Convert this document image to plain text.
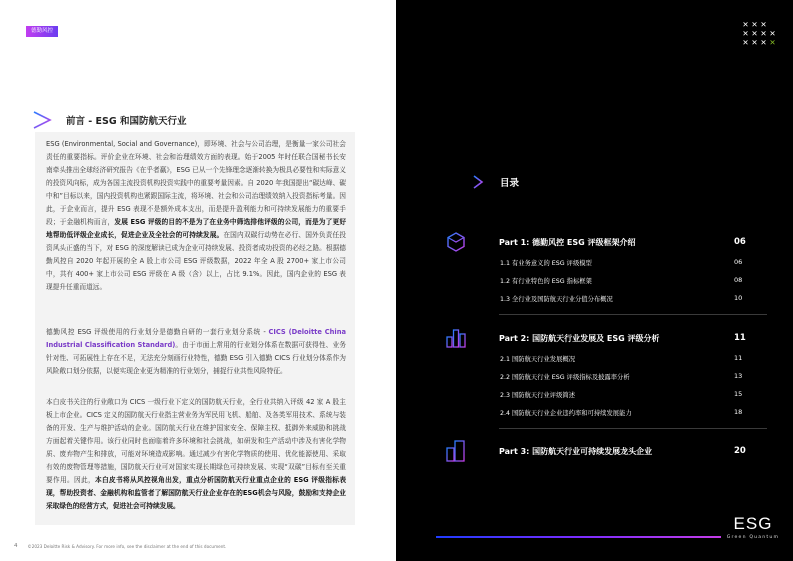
德勤风控
前言 - ESG 和国防航天行业
ESG (Environmental, Social and Governance)，即环境、社会与公司治理，是衡量一家公司社会责任的重要指标。评价企业在环境、社会和治理绩效方面的表现。始于2005 年时任联合国秘书长安南牵头推出全球经济研究报告《在乎者赢》，ESG 已从一个先锋理念逐渐转换为极具必要性和实际意义的投资风向标，成为各国主流投资机构投资实践中的重要考量因素。自 2020 年我国提出“碳达峰、碳中和”目标以来，国内投资机构也紧跟国际主流，将环境、社会和公司治理绩效纳入投资指标考量。因此，于企业而言，提升 ESG 表现不是额外成本支出，而是提升盈利能力和可持续发展能力的重要手段；于金融机构而言，发展 ESG 评级的目的不是为了在业务中筛选排他评级的公司，而是为了更好地帮助低评级企业成长，促进企业及全社会的可持续发展。在国内双碳行动势在必行、国外负责任投资风头正盛的当下，对 ESG 的深度解读已成为企业可持续发展、投资者成功投资的必经之路。根据德勤风控自 2020 年起开展的全 A 股上市公司 ESG 评级数据，2022 年全 A 股 2700+ 家上市公司中，共有 400+ 家上市公司 ESG 评级在 A 级（含）以上，占比 9.1%。因此，国内企业的 ESG 表现提升任重而道远。
德勤风控 ESG 评级使用的行业划分是德勤自研的一套行业划分系统 - CICS (Deloitte China Industrial Classification Standard)。由于市面上常用的行业划分体系在数据可获得性、业务针对性、可拓展性上存在不足，无法充分刻画行业特性，德勤 ESG 引入德勤 CICS 行业划分体系作为风险敞口划分依据，以便实现企业更为精准的行业划分，捕捉行业共性风险特征。
本白皮书关注的行业敞口为 CICS 一级行业下定义的国防航天行业，全行业共纳入评级 42 家 A 股主板上市企业。CICS 定义的国防航天行业指主营业务为军民用飞机、船舶、及各类军用技术、系统与装备的开发、生产与维护活动的企业。国防航天行业在维护国家安全、保障主权、抵御外来威胁和挑战方面起着关键作用。该行业同时也面临着许多环境和社会挑战，如研发和生产活动中涉及有害化学物质、废弃物产生和排放，可能对环境造成影响。通过减少有害化学物质的使用、优化能源使用、采取有效的废物管理等措施，国防航天行业可对国家实现长期绿色可持续发展、实现“双碳”目标有至关重要作用。因此，本白皮书将从风控视角出发，重点分析国防航天行业重点企业的 ESG 评级指标表现，帮助投资者、金融机构和监管者了解国防航天行业企业存在的ESG机会与风险，鼓励和支持企业采取绿色的经营方式，促进社会可持续发展。
4 ©2023 Deloitte Risk & Advisory. For more info, see the disclaimer at the end of this document.
✕ ✕ ✕
✕ ✕ ✕ ✕
✕ ✕ ✕ ✕
目录
Part 1: 德勤风控 ESG 评级框架介绍	06
1.1 有业务意义的 ESG 评级模型	06
1.2 有行业特色的 ESG 指标框架	08
1.3 全行业及国防航天行业分值分布概况	10
Part 2: 国防航天行业发展及 ESG 评级分析	11
2.1 国防航天行业发展概况	11
2.2 国防航天行业 ESG 评级指标及披露率分析	13
2.3 国防航天行业评级简述	15
2.4 国防航天行业企业违约率和可持续发展能力	18
Part 3: 国防航天行业可持续发展龙头企业	20
ESG
Green Quantum
